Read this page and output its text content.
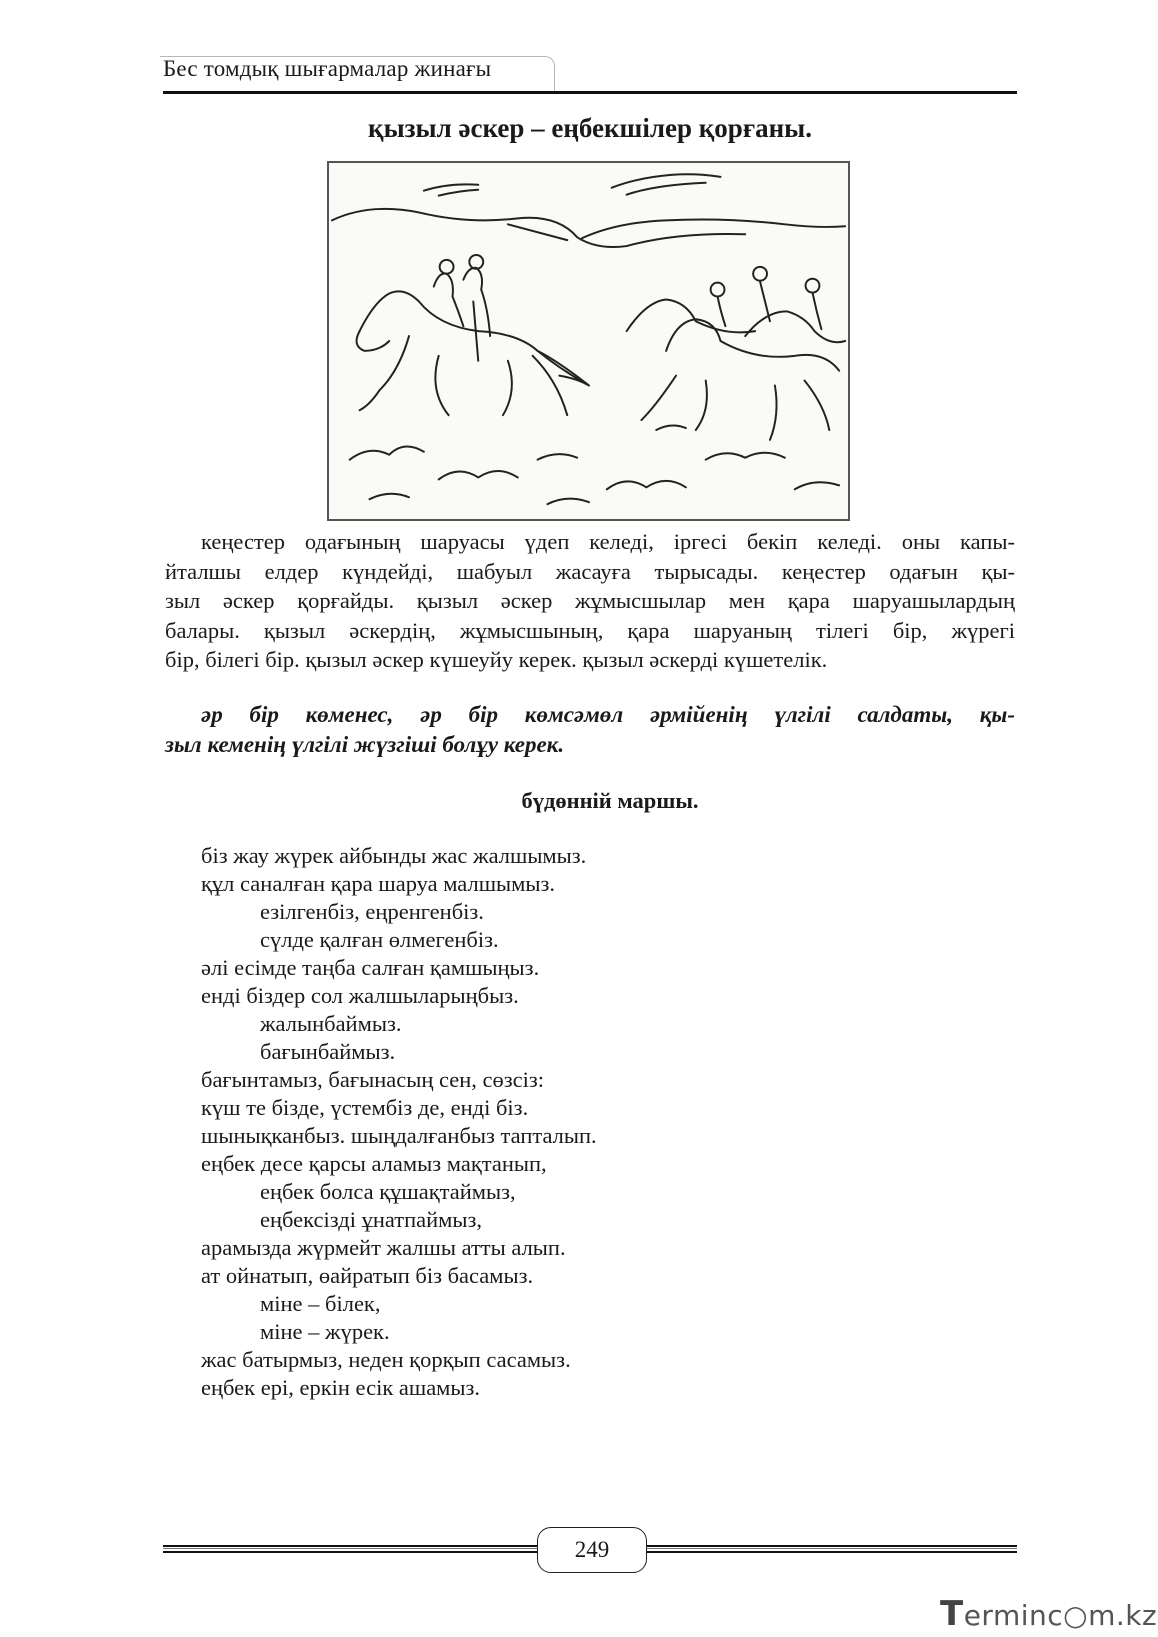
Бес томдық шығармалар жинағы
қызыл әскер – еңбекшілер қорғаны.
кеңестер одағының шаруасы үдеп келеді, іргесі бекіп келеді. оны капы-
йталшы елдер күндейді, шабуыл жасауға тырысады. кеңестер одағын қы-
зыл әскер қорғайды. қызыл әскер жұмысшылар мен қара шаруашылардың
балары. қызыл әскердің, жұмысшының, қара шаруаның тілегі бір, жүрегі
бір, білегі бір. қызыл әскер күшеуйу керек. қызыл әскерді күшетелік.
әр бір көменес, әр бір көмсәмөл әрмійенің үлгілі салдаты, қы-
зыл кеменің үлгілі жүзгіші болұу керек.
бүдөнній маршы.
біз жау жүрек айбынды жас жалшымыз.
құл саналған қара шаруа малшымыз.
езілгенбіз, еңренгенбіз.
сүлде қалған өлмегенбіз.
әлі есімде таңба салған қамшыңыз.
енді біздер сол жалшыларыңбыз.
жалынбаймыз.
бағынбаймыз.
бағынтамыз, бағынасың сен, сөзсіз:
күш те бізде, үстембіз де, енді біз.
шынықканбыз. шыңдалғанбыз тапталып.
еңбек десе қарсы аламыз мақтанып,
еңбек болса құшақтаймыз,
еңбексізді ұнатпаймыз,
арамызда жүрмейт жалшы атты алып.
ат ойнатып, өайратып біз басамыз.
міне – білек,
міне – жүрек.
жас батырмыз, неден қорқып сасамыз.
еңбек ері, еркін есік ашамыз.
249
Terminc○m.kz
